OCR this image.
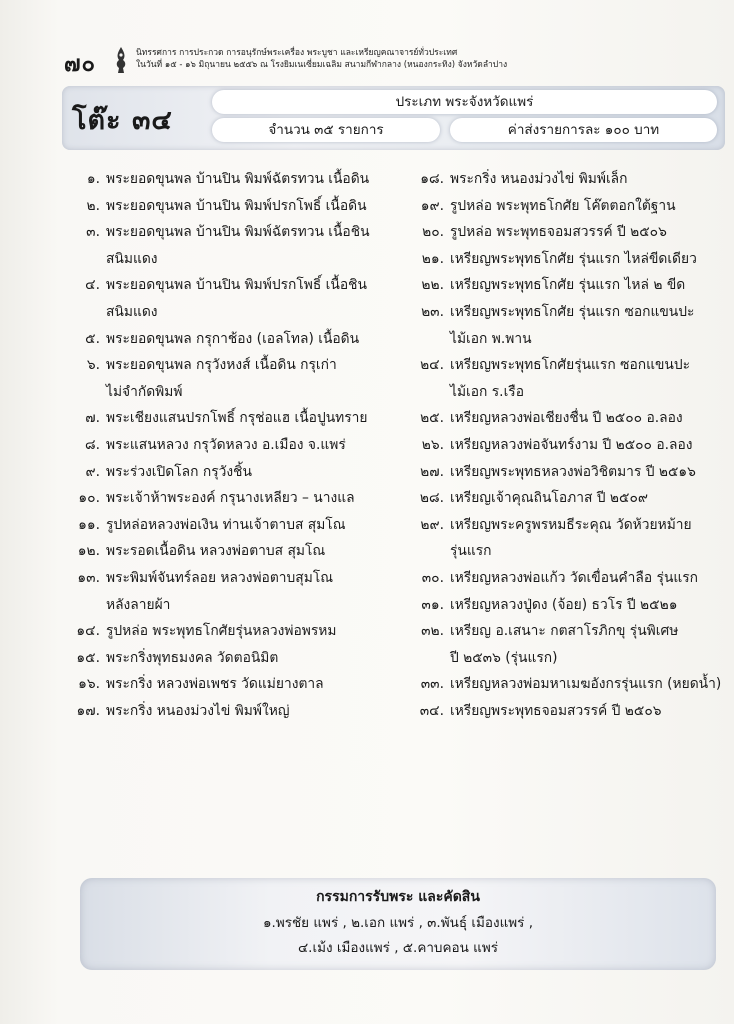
๗๐	นิทรรศการ การประกวด การอนุรักษ์พระเครื่อง พระบูชา และเหรียญคณาจารย์ทั่วประเทศ
ในวันที่ ๑๕ - ๑๖ มิถุนายน ๒๕๕๖ ณ โรงยิมเนเซี่ยมเฉลิม สนามกีฬากลาง (หนองกระทิง) จังหวัดลำปาง
โต๊ะ ๓๔
ประเภท พระจังหวัดแพร่
จำนวน ๓๕ รายการ	ค่าส่งรายการละ ๑๐๐ บาท
๑. พระยอดขุนพล บ้านปิน พิมพ์ฉัตรทวน เนื้อดิน
๒. พระยอดขุนพล บ้านปิน พิมพ์ปรกโพธิ์ เนื้อดิน
๓. พระยอดขุนพล บ้านปิน พิมพ์ฉัตรทวน เนื้อชิน
สนิมแดง
๔. พระยอดขุนพล บ้านปิน พิมพ์ปรกโพธิ์ เนื้อชิน
สนิมแดง
๕. พระยอดขุนพล กรุกาช้อง (เอลโทล) เนื้อดิน
๖. พระยอดขุนพล กรุวังหงส์ เนื้อดิน กรุเก่า
ไม่จำกัดพิมพ์
๗. พระเชียงแสนปรกโพธิ์ กรุช่อแฮ เนื้อปูนทราย
๘. พระแสนหลวง กรุวัดหลวง อ.เมือง จ.แพร่
๙. พระร่วงเปิดโลก กรุวังชิ้น
๑๐. พระเจ้าห้าพระองค์ กรุนางเหลียว – นางแล
๑๑. รูปหล่อหลวงพ่อเงิน ท่านเจ้าตาบส สุมโณ
๑๒. พระรอดเนื้อดิน หลวงพ่อตาบส สุมโณ
๑๓. พระพิมพ์จันทร์ลอย หลวงพ่อตาบสุมโณ
หลังลายผ้า
๑๔. รูปหล่อ พระพุทธโกศัยรุ่นหลวงพ่อพรหม
๑๕. พระกริ่งพุทธมงคล วัดตอนิมิต
๑๖. พระกริ่ง หลวงพ่อเพชร วัดแม่ยางตาล
๑๗. พระกริ่ง หนองม่วงไข่ พิมพ์ใหญ่
๑๘. พระกริ่ง หนองม่วงไข่ พิมพ์เล็ก
๑๙. รูปหล่อ พระพุทธโกศัย โค๊ตตอกใต้ฐาน
๒๐. รูปหล่อ พระพุทธจอมสวรรค์ ปี ๒๕๐๖
๒๑. เหรียญพระพุทธโกศัย รุ่นแรก ไหล่ขีดเดียว
๒๒. เหรียญพระพุทธโกศัย รุ่นแรก ไหล่ ๒ ขีด
๒๓. เหรียญพระพุทธโกศัย รุ่นแรก ซอกแขนปะ
ไม้เอก พ.พาน
๒๔. เหรียญพระพุทธโกศัยรุ่นแรก ซอกแขนปะ
ไม้เอก ร.เรือ
๒๕. เหรียญหลวงพ่อเชียงชื่น ปี ๒๕๐๐ อ.ลอง
๒๖. เหรียญหลวงพ่อจันทร์งาม ปี ๒๕๐๐ อ.ลอง
๒๗. เหรียญพระพุทธหลวงพ่อวิชิตมาร ปี ๒๕๑๖
๒๘. เหรียญเจ้าคุณถินโอภาส ปี ๒๕๐๙
๒๙. เหรียญพระครูพรหมธีระคุณ วัดห้วยหม้าย
รุ่นแรก
๓๐. เหรียญหลวงพ่อแก้ว วัดเขื่อนคำลือ รุ่นแรก
๓๑. เหรียญหลวงปู่ดง (จ้อย) ธวโร ปี ๒๕๒๑
๓๒. เหรียญ อ.เสนาะ กตสาโรภิกขุ รุ่นพิเศษ
ปี ๒๕๓๖ (รุ่นแรก)
๓๓. เหรียญหลวงพ่อมหาเมฆอังกรรุ่นแรก (หยดน้ำ)
๓๔. เหรียญพระพุทธจอมสวรรค์ ปี ๒๕๐๖
กรรมการรับพระ และคัดสิน
๑.พรชัย แพร่ , ๒.เอก แพร่ , ๓.พันธุ์ เมืองแพร่ ,
๔.เม้ง เมืองแพร่ , ๕.คาบคอน แพร่
